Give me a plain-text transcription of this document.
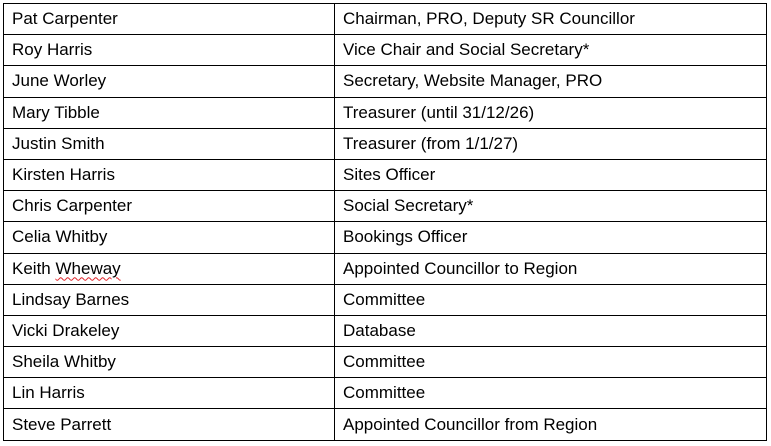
Pat Carpenter	Chairman, PRO, Deputy SR Councillor
Roy Harris	Vice Chair and Social Secretary*
June Worley	Secretary, Website Manager, PRO
Mary Tibble	Treasurer (until 31/12/26)
Justin Smith	Treasurer (from 1/1/27)
Kirsten Harris	Sites Officer
Chris Carpenter	Social Secretary*
Celia Whitby	Bookings Officer
Keith Wheway	Appointed Councillor to Region
Lindsay Barnes	Committee
Vicki Drakeley	Database
Sheila Whitby	Committee
Lin Harris	Committee
Steve Parrett	Appointed Councillor from Region
